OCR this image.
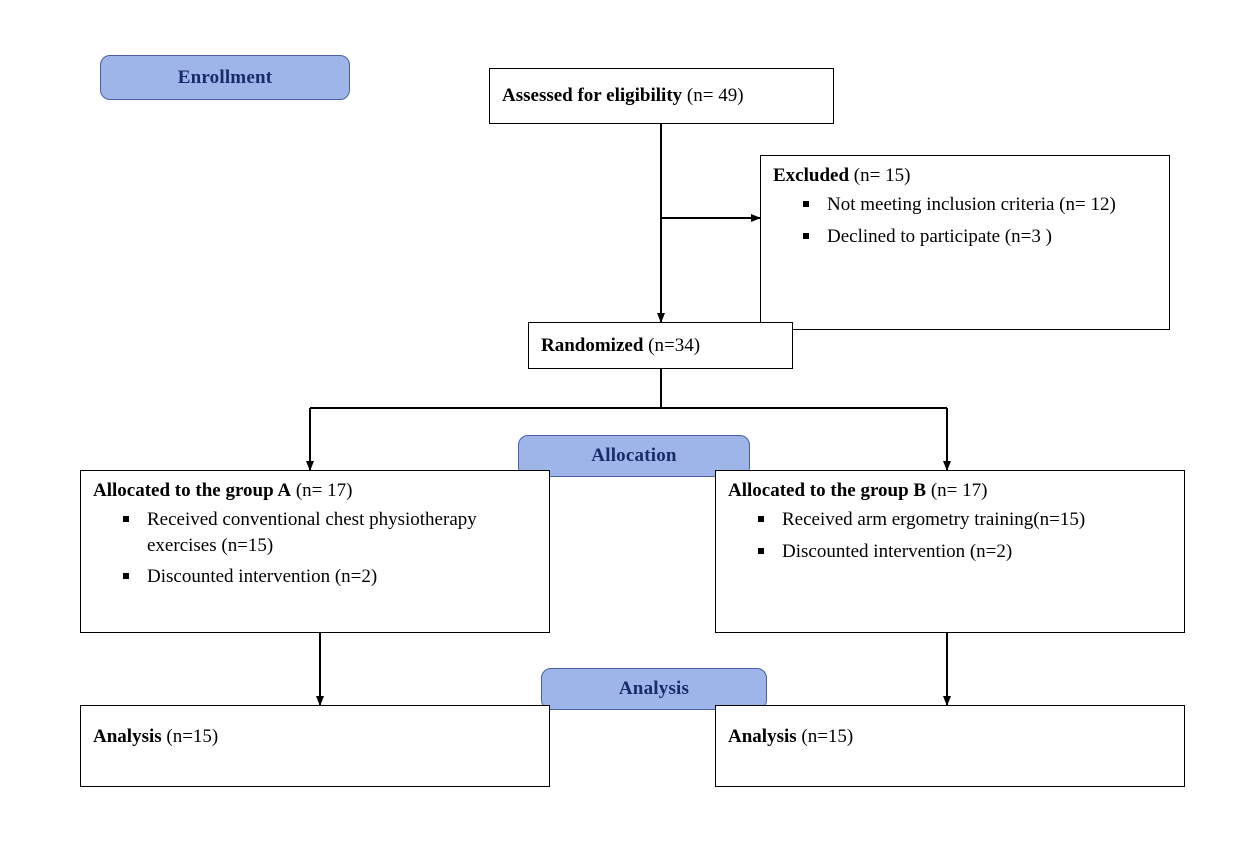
Enrollment
Allocation
Analysis
Assessed for eligibility (n= 49)
Excluded (n= 15)
Not meeting inclusion criteria (n= 12)
Declined to participate (n=3 )
Randomized (n=34)
Allocated to the group A (n= 17)
Received conventional chest physiotherapy exercises (n=15)
Discounted intervention (n=2)
Allocated to the group B (n= 17)
Received arm ergometry training(n=15)
Discounted intervention (n=2)
Analysis (n=15)	Analysis (n=15)
